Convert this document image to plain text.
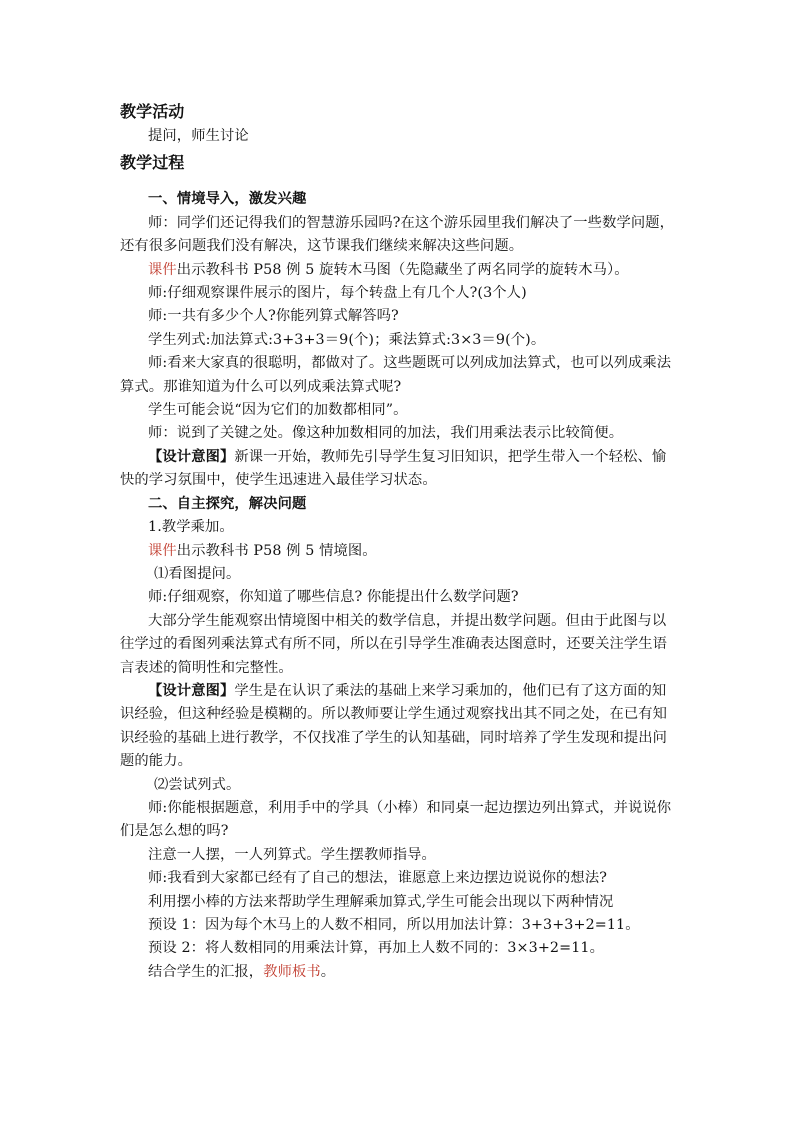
教学活动

提问，师生讨论

教学过程
一、情境导入，激发兴趣

师：同学们还记得我们的智慧游乐园吗?在这个游乐园里我们解决了一些数学问题，还有很多问题我们没有解决，这节课我们继续来解决这些问题。

课件出示教科书 P58 例 5 旋转木马图（先隐藏坐了两名同学的旋转木马）。

师:仔细观察课件展示的图片，每个转盘上有几个人?(3个人)

师:一共有多少个人?你能列算式解答吗?

学生列式:加法算式:3+3+3＝9(个)；乘法算式:3×3＝9(个)。

师:看来大家真的很聪明，都做对了。这些题既可以列成加法算式，也可以列成乘法算式。那谁知道为什么可以列成乘法算式呢?

学生可能会说“因为它们的加数都相同”。

师：说到了关键之处。像这种加数相同的加法，我们用乘法表示比较简便。

【设计意图】新课一开始，教师先引导学生复习旧知识，把学生带入一个轻松、愉快的学习氛围中，使学生迅速进入最佳学习状态。

二、自主探究，解决问题

1.教学乘加。

课件出示教科书 P58 例 5 情境图。

⑴看图提问。

师:仔细观察，你知道了哪些信息? 你能提出什么数学问题?

大部分学生能观察出情境图中相关的数学信息，并提出数学问题。但由于此图与以往学过的看图列乘法算式有所不同，所以在引导学生准确表达图意时，还要关注学生语言表述的简明性和完整性。

【设计意图】学生是在认识了乘法的基础上来学习乘加的，他们已有了这方面的知识经验，但这种经验是模糊的。所以教师要让学生通过观察找出其不同之处，在已有知识经验的基础上进行教学，不仅找准了学生的认知基础，同时培养了学生发现和提出问题的能力。

⑵尝试列式。

师:你能根据题意，利用手中的学具（小棒）和同桌一起边摆边列出算式，并说说你们是怎么想的吗?

注意一人摆，一人列算式。学生摆教师指导。

师:我看到大家都已经有了自己的想法，谁愿意上来边摆边说说你的想法?

利用摆小棒的方法来帮助学生理解乘加算式,学生可能会出现以下两种情况

预设 1：因为每个木马上的人数不相同，所以用加法计算：3+3+3+2=11。

预设 2：将人数相同的用乘法计算，再加上人数不同的：3×3+2=11。

结合学生的汇报，教师板书。
